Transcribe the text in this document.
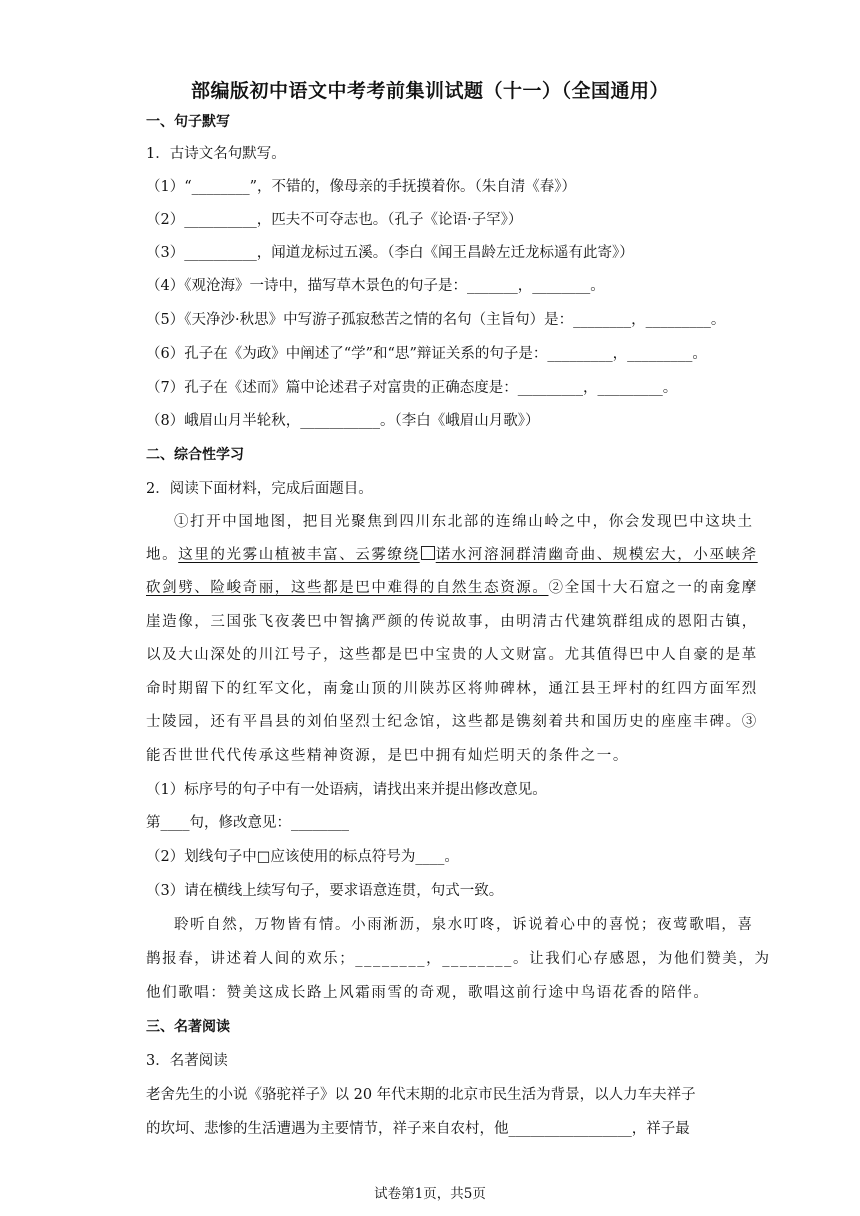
部编版初中语文中考考前集训试题（十一）（全国通用）
一、句子默写
1．古诗文名句默写。
（1）“________”，不错的，像母亲的手抚摸着你。（朱自清《春》）
（2）__________，匹夫不可夺志也。（孔子《论语·子罕》）
（3）__________，闻道龙标过五溪。（李白《闻王昌龄左迁龙标遥有此寄》）
（4）《观沧海》一诗中，描写草木景色的句子是：_______，________。
（5）《天净沙·秋思》中写游子孤寂愁苦之情的名句（主旨句）是：________，_________。
（6）孔子在《为政》中阐述了“学”和“思”辩证关系的句子是：_________，_________。
（7）孔子在《述而》篇中论述君子对富贵的正确态度是：_________，_________。
（8）峨眉山月半轮秋，___________。（李白《峨眉山月歌》）
二、综合性学习
2．阅读下面材料，完成后面题目。
①打开中国地图，把目光聚焦到四川东北部的连绵山岭之中，你会发现巴中这块土
地。这里的光雾山植被丰富、云雾缭绕 诺水河溶洞群清幽奇曲、规模宏大，小巫峡斧
砍剑劈、险峻奇丽，这些都是巴中难得的自然生态资源。②全国十大石窟之一的南龛摩
崖造像，三国张飞夜袭巴中智擒严颜的传说故事，由明清古代建筑群组成的恩阳古镇，
以及大山深处的川江号子，这些都是巴中宝贵的人文财富。尤其值得巴中人自豪的是革
命时期留下的红军文化，南龛山顶的川陕苏区将帅碑林，通江县王坪村的红四方面军烈
士陵园，还有平昌县的刘伯坚烈士纪念馆，这些都是镌刻着共和国历史的座座丰碑。③
能否世世代代传承这些精神资源，是巴中拥有灿烂明天的条件之一。
（1）标序号的句子中有一处语病，请找出来并提出修改意见。
第____句，修改意见：________
（2）划线句子中□应该使用的标点符号为____。
（3）请在横线上续写句子，要求语意连贯，句式一致。
聆听自然，万物皆有情。小雨淅沥，泉水叮咚，诉说着心中的喜悦；夜莺歌唱，喜
鹊报春，讲述着人间的欢乐；________，________。让我们心存感恩，为他们赞美，为
他们歌唱：赞美这成长路上风霜雨雪的奇观，歌唱这前行途中鸟语花香的陪伴。
三、名著阅读
3．名著阅读
老舍先生的小说《骆驼祥子》以 20 年代末期的北京市民生活为背景，以人力车夫祥子
的坎坷、悲惨的生活遭遇为主要情节，祥子来自农村，他_________________，祥子最
试卷第1页，共5页
